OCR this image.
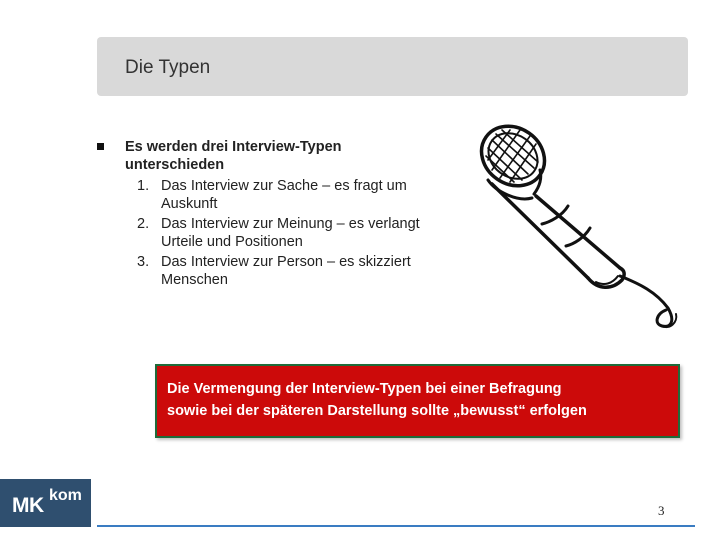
Die Typen
Es werden drei Interview-Typen unterschieden
1. Das Interview zur Sache – es fragt um Auskunft
2. Das Interview zur Meinung – es verlangt Urteile und Positionen
3. Das Interview zur Person – es skizziert Menschen
Die Vermengung der Interview-Typen bei einer Befragung
sowie bei der späteren Darstellung sollte „bewusst“ erfolgen
MK kom
3
